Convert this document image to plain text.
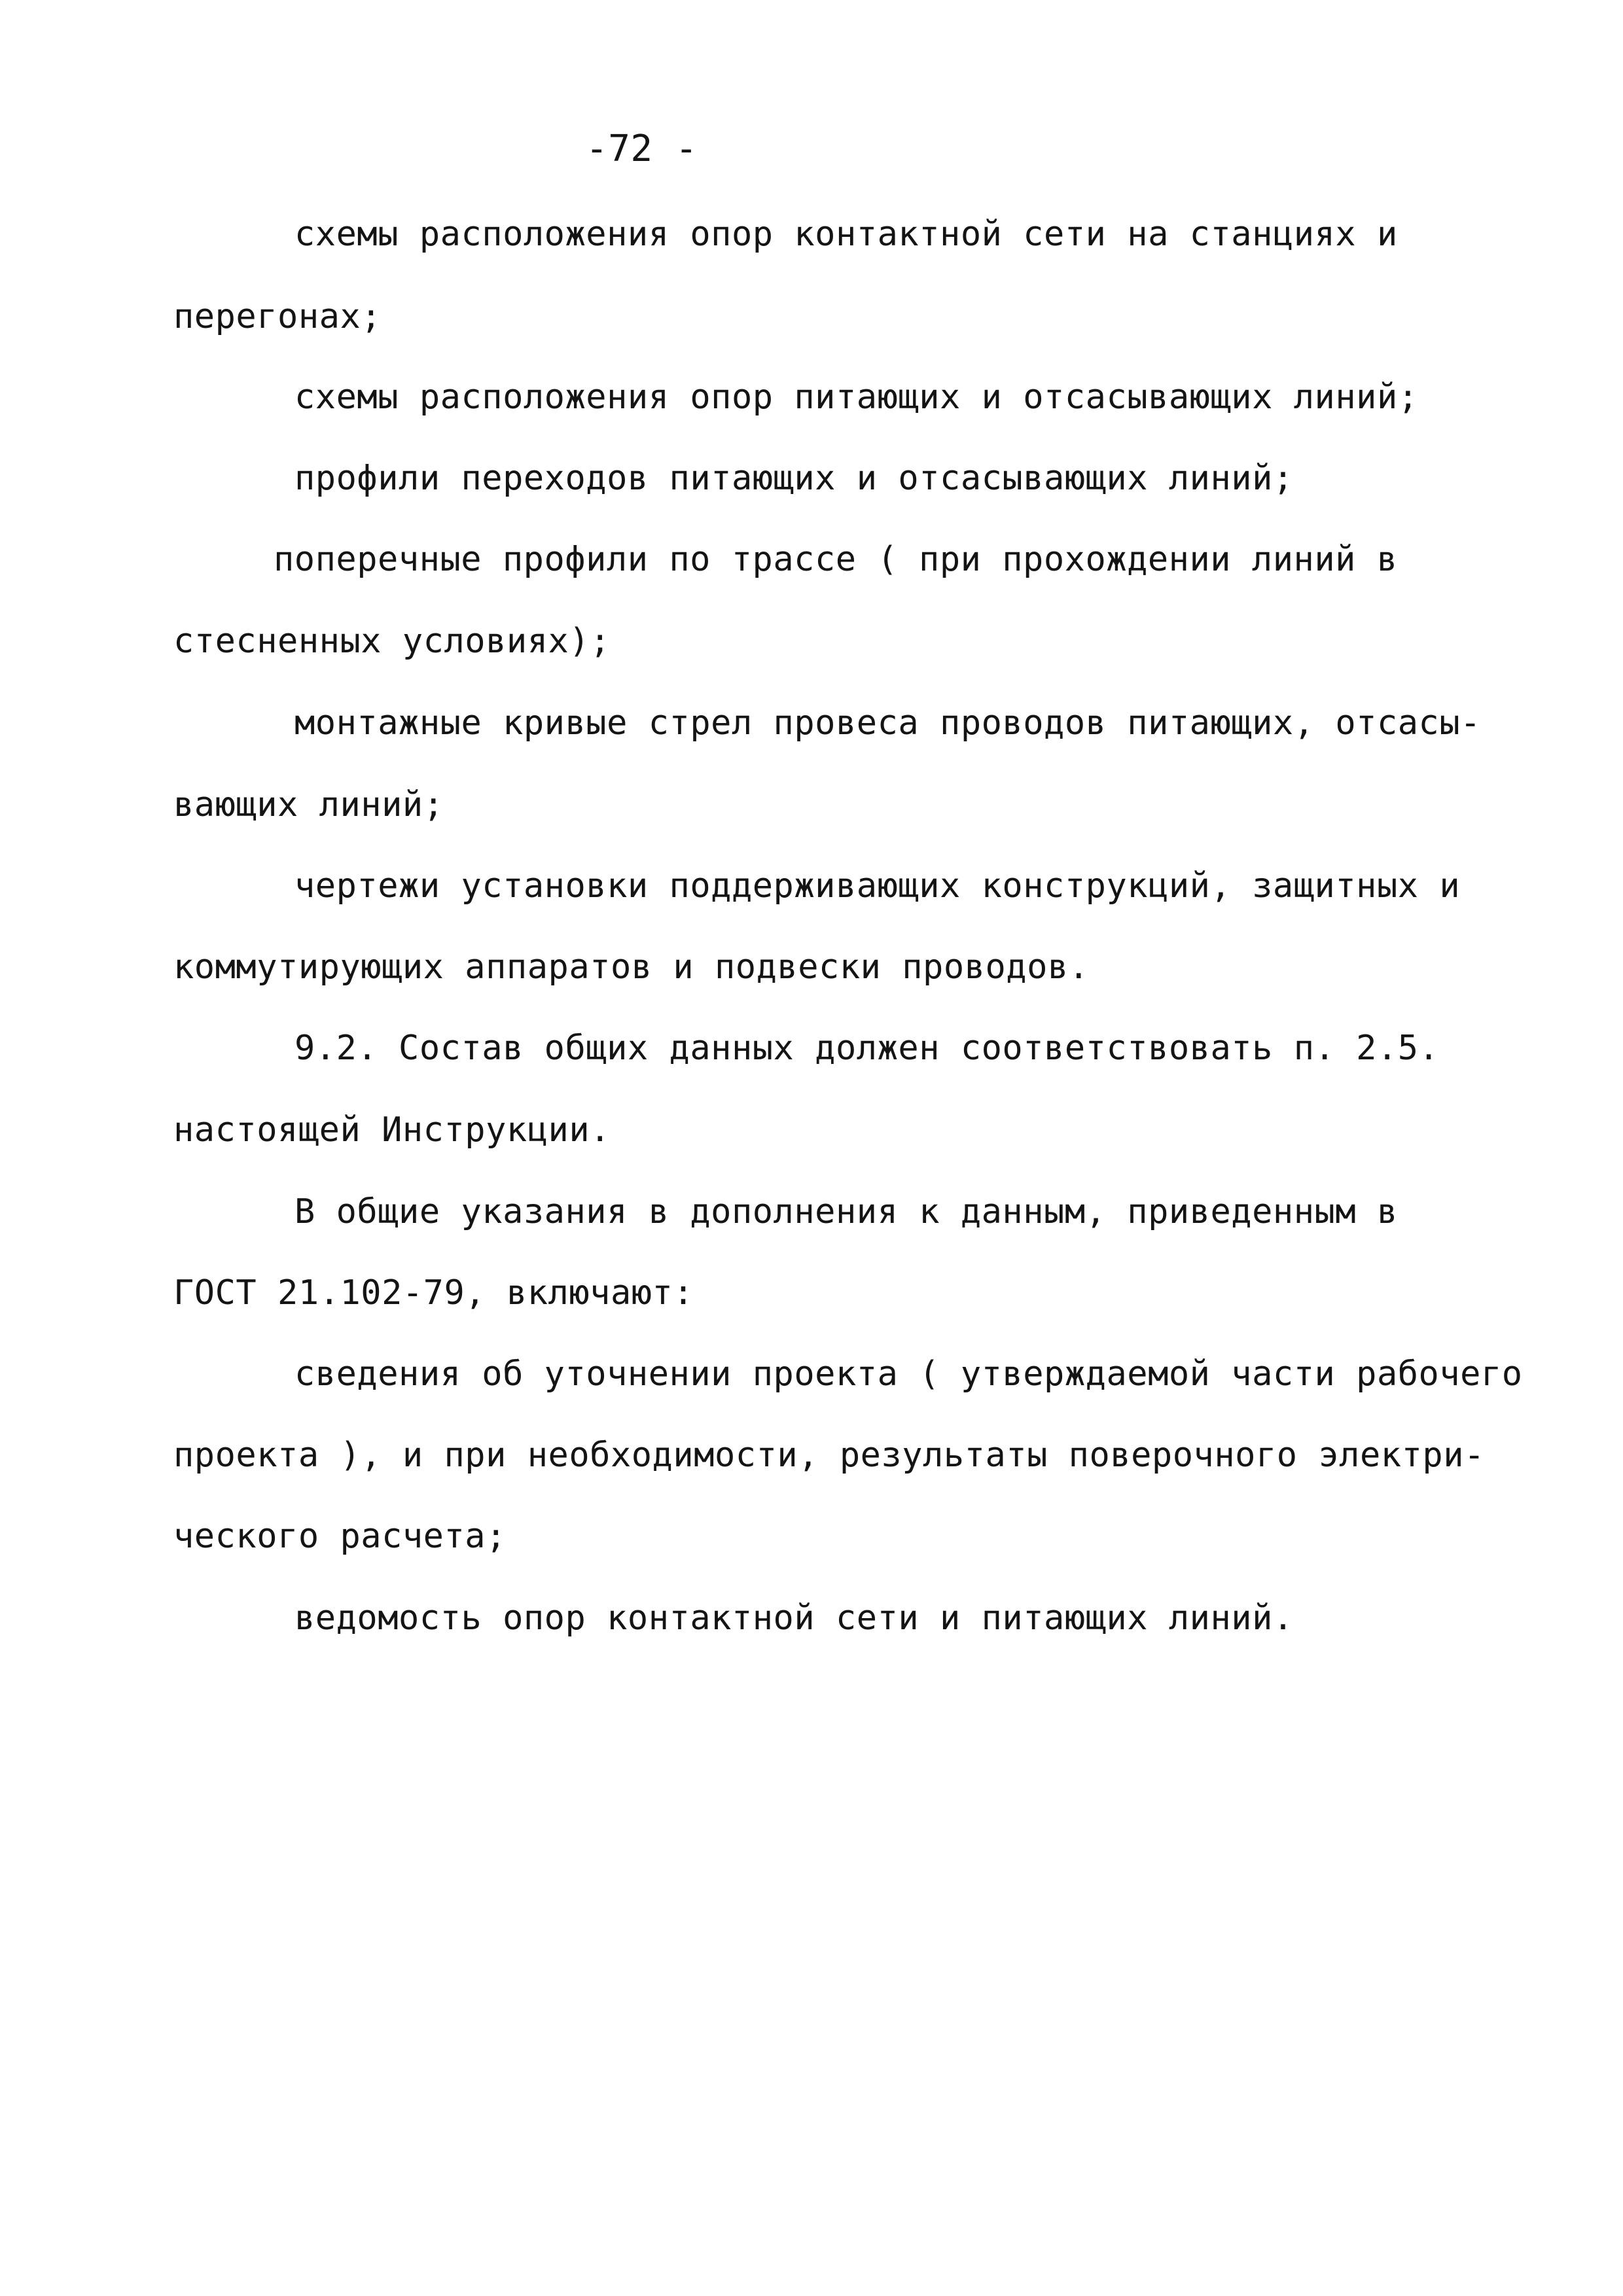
-72 -
схемы расположения опор контактной сети на станциях и
перегонах;
схемы расположения опор питающих и отсасывающих линий;
профили переходов питающих и отсасывающих линий;
поперечные профили по трассе ( при прохождении линий в
стесненных условиях);
монтажные кривые стрел провеса проводов питающих, отсасы-
вающих линий;
чертежи установки поддерживающих конструкций, защитных и
коммутирующих аппаратов и подвески проводов.
9.2. Состав общих данных должен соответствовать п. 2.5.
настоящей Инструкции.
В общие указания в дополнения к данным, приведенным в
ГОСТ 21.102-79, включают:
сведения об уточнении проекта ( утверждаемой части рабочего
проекта ), и при необходимости, результаты поверочного электри-
ческого расчета;
ведомость опор контактной сети и питающих линий.
